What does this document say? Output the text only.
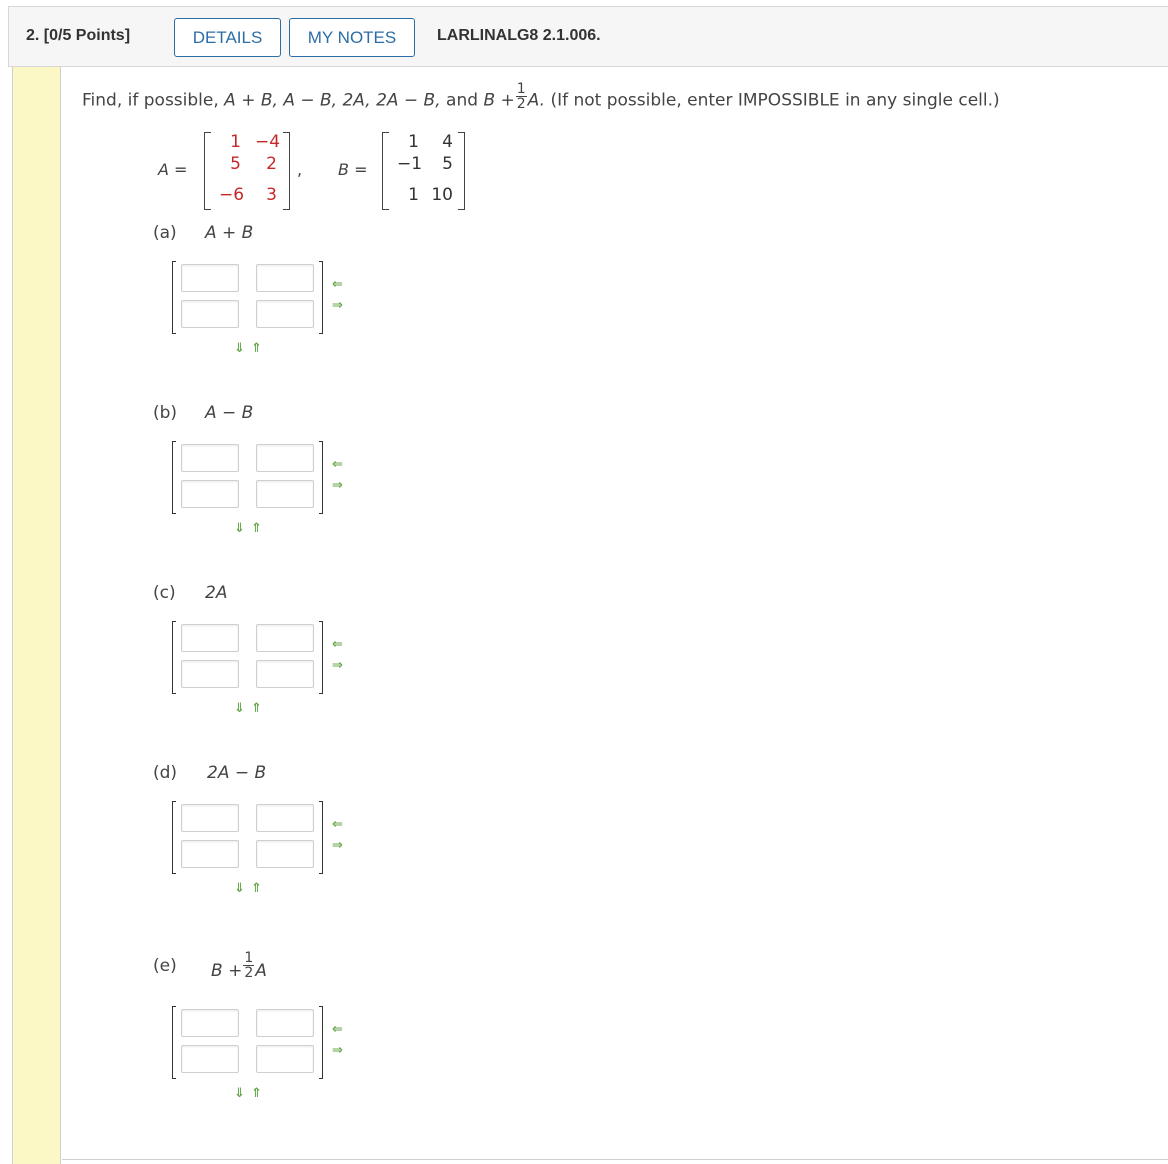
2. [0/5 Points]	DETAILS	MY NOTES	LARLINALG8 2.1.006.
Find, if possible, A + B, A − B, 2A, 2A − B, and $B + \frac{1}{2} A$. (If not possible, enter IMPOSSIBLE in any single cell.)
A =
1 −4
5	2
−6	3
, B =
1	4
−1	5
1 10
(a) A + B
⇐
⇒
⇓ ⇑
(b) A − B
⇐
⇒
⇓ ⇑
(c) 2A
⇐
⇒
⇓ ⇑
(d) 2A − B
⇐
⇒
⇓ ⇑
(e) $B + \frac{1}{2}$ A
⇐
⇒
⇓ ⇑
